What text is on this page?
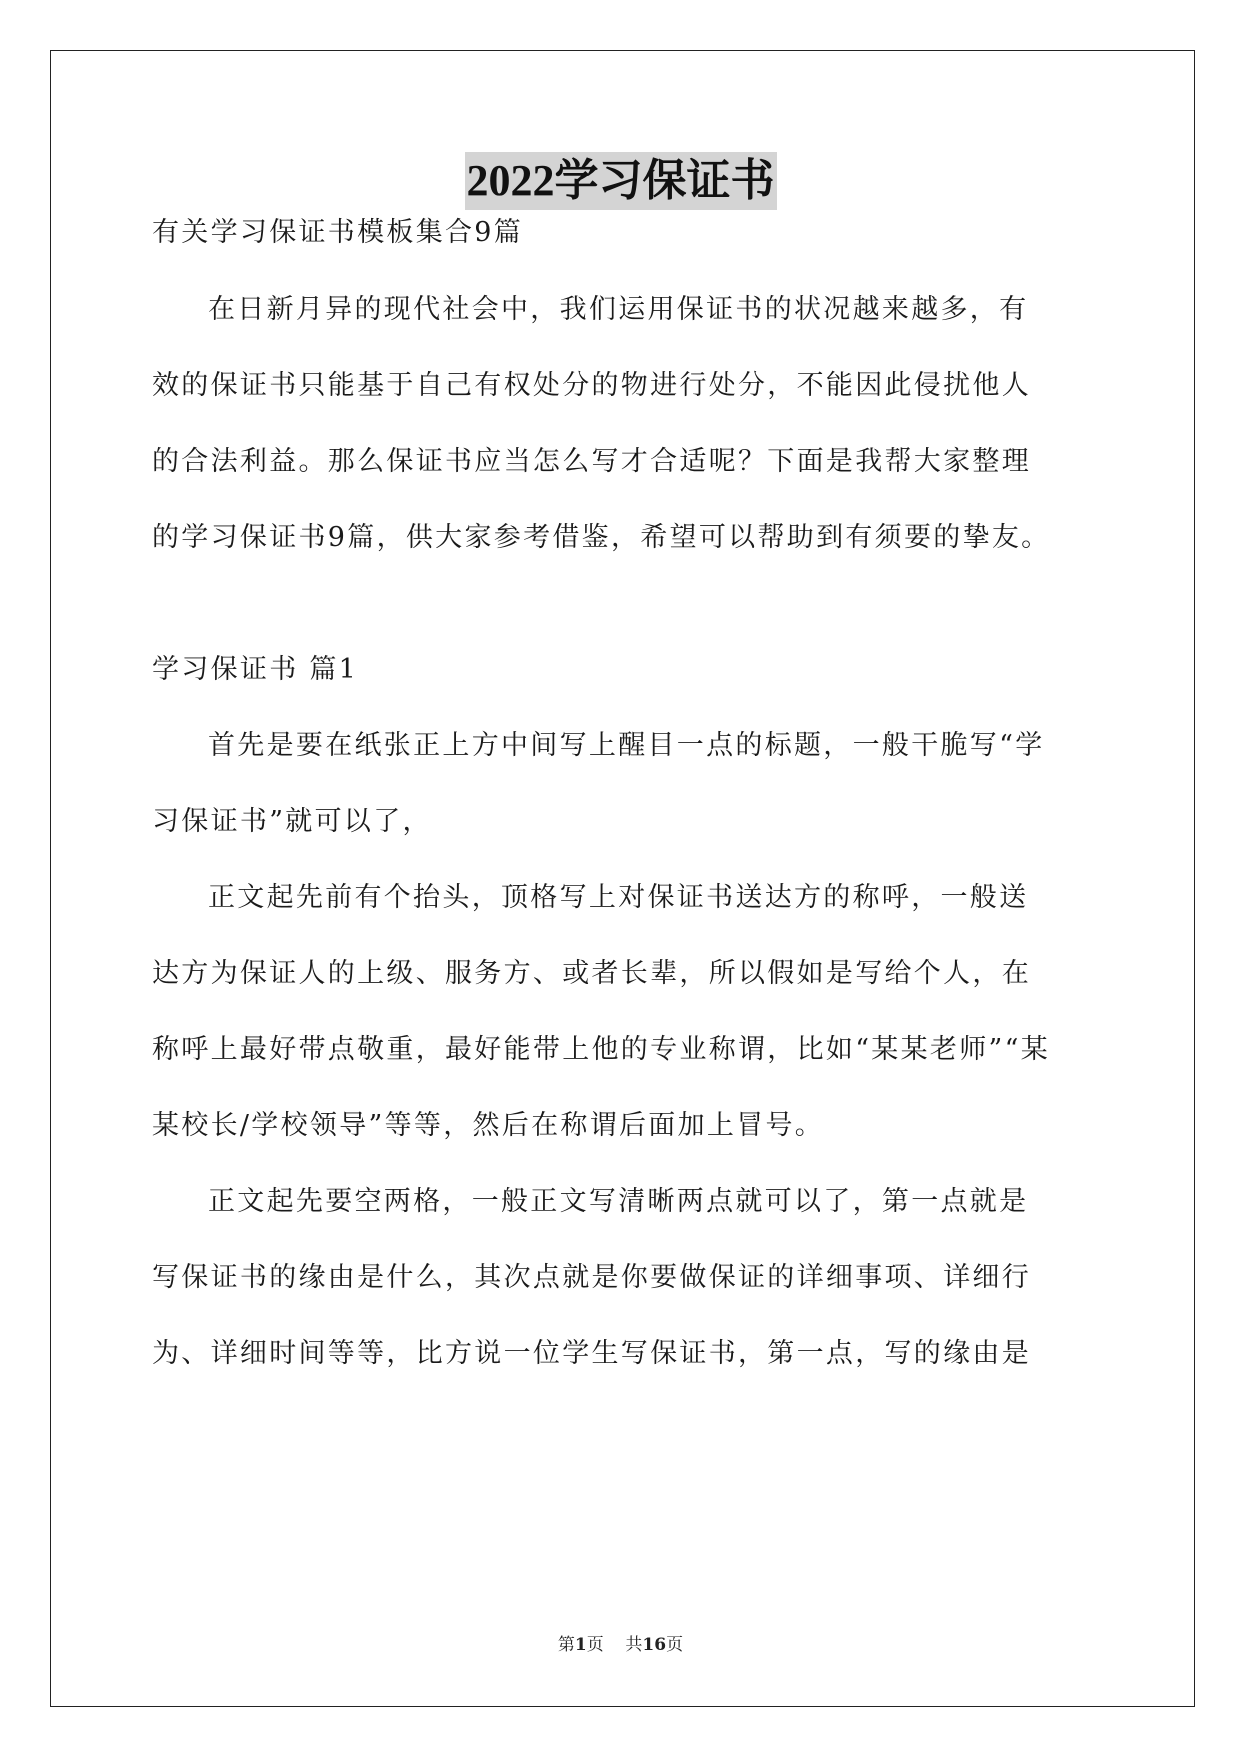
2022学习保证书
有关学习保证书模板集合9篇
在日新月异的现代社会中，我们运用保证书的状况越来越多，有
效的保证书只能基于自己有权处分的物进行处分，不能因此侵扰他人
的合法利益。那么保证书应当怎么写才合适呢？下面是我帮大家整理
的学习保证书9篇，供大家参考借鉴，希望可以帮助到有须要的挚友。
学习保证书 篇1
首先是要在纸张正上方中间写上醒目一点的标题，一般干脆写“学
习保证书”就可以了，
正文起先前有个抬头，顶格写上对保证书送达方的称呼，一般送
达方为保证人的上级、服务方、或者长辈，所以假如是写给个人，在
称呼上最好带点敬重，最好能带上他的专业称谓，比如“某某老师”“某
某校长/学校领导”等等，然后在称谓后面加上冒号。
正文起先要空两格，一般正文写清晰两点就可以了，第一点就是
写保证书的缘由是什么，其次点就是你要做保证的详细事项、详细行
为、详细时间等等，比方说一位学生写保证书，第一点，写的缘由是
第1页 共16页
